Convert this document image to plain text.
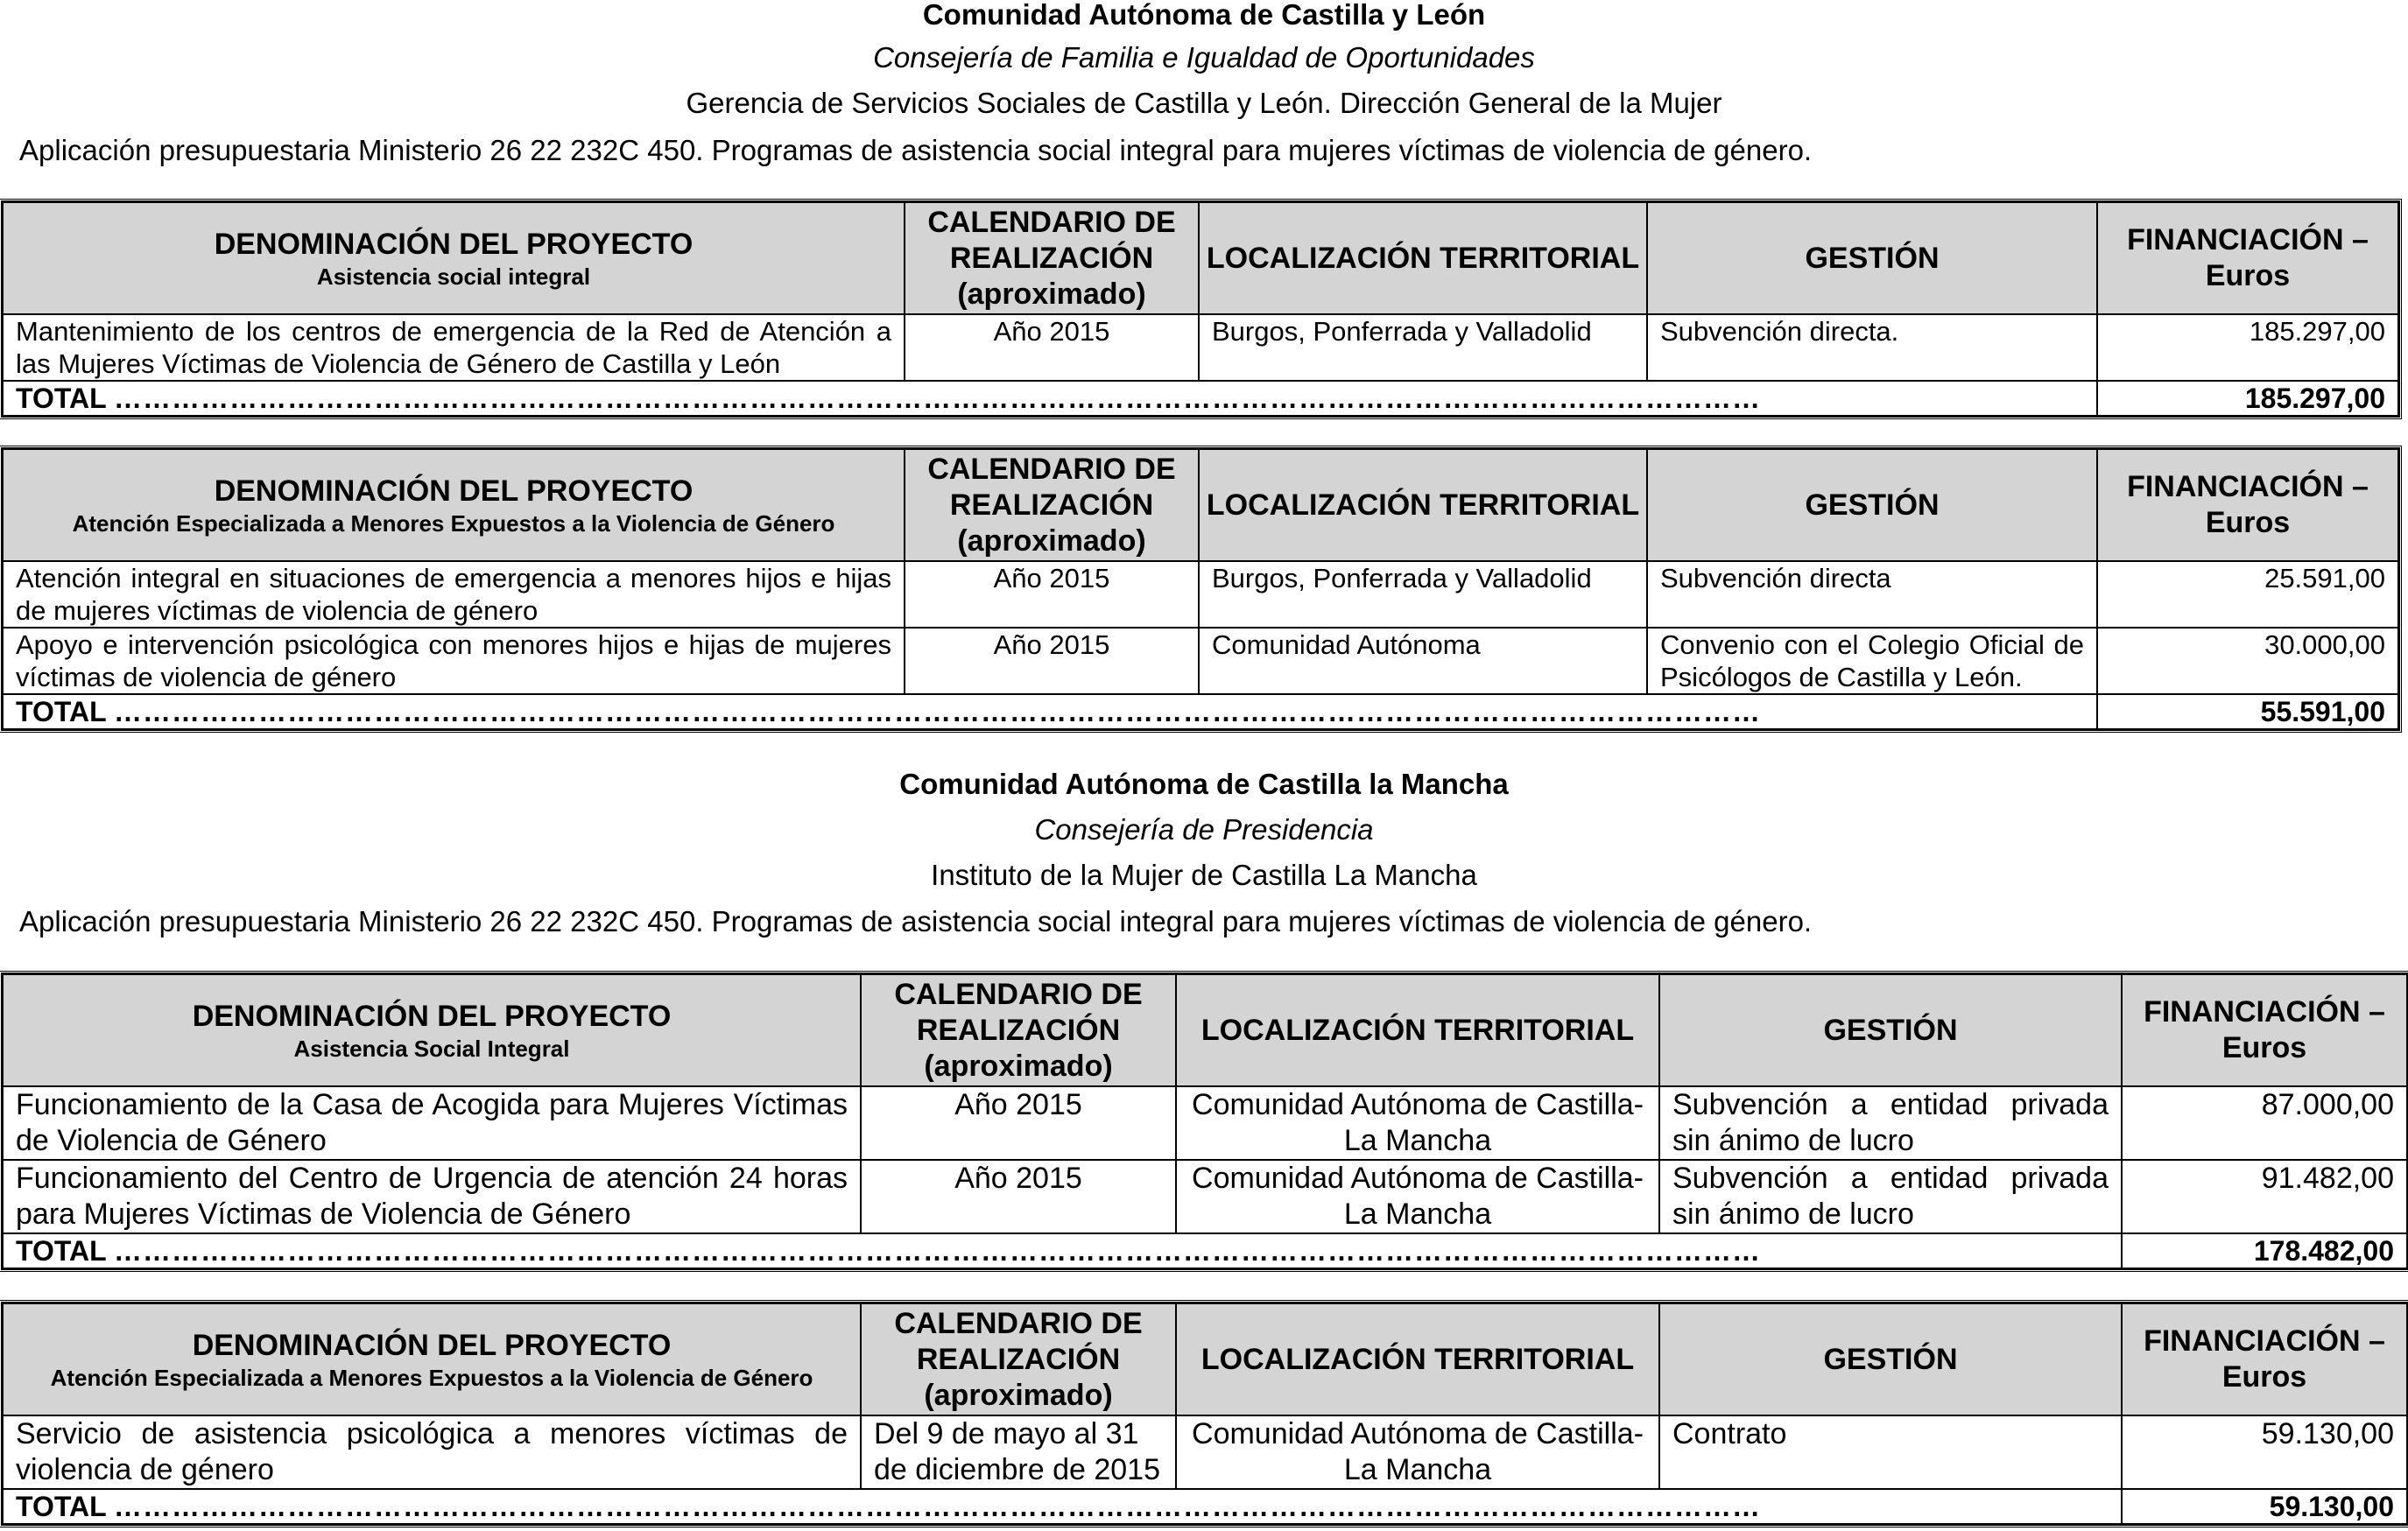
Comunidad Autónoma de Castilla y León
Consejería de Familia e Igualdad de Oportunidades
Gerencia de Servicios Sociales de Castilla y León. Dirección General de la Mujer
Aplicación presupuestaria Ministerio 26 22 232C 450. Programas de asistencia social integral para mujeres víctimas de violencia de género.
DENOMINACIÓN DEL PROYECTO
Asistencia social integral	CALENDARIO DE REALIZACIÓN (aproximado)	LOCALIZACIÓN TERRITORIAL	GESTIÓN	FINANCIACIÓN – Euros
Mantenimiento de los centros de emergencia de la Red de Atención a las Mujeres Víctimas de Violencia de Género de Castilla y León	Año 2015	Burgos, Ponferrada y Valladolid	Subvención directa.	185.297,00
TOTAL ………………………………………………………………………………………………………………………………………………………				185.297,00
DENOMINACIÓN DEL PROYECTO
Atención Especializada a Menores Expuestos a la Violencia de Género	CALENDARIO DE REALIZACIÓN (aproximado)	LOCALIZACIÓN TERRITORIAL	GESTIÓN	FINANCIACIÓN – Euros
Atención integral en situaciones de emergencia a menores hijos e hijas de mujeres víctimas de violencia de género	Año 2015	Burgos, Ponferrada y Valladolid	Subvención directa	25.591,00
Apoyo e intervención psicológica con menores hijos e hijas de mujeres víctimas de violencia de género	Año 2015	Comunidad Autónoma	Convenio con el Colegio Oficial de Psicólogos de Castilla y León.	30.000,00
TOTAL ………………………………………………………………………………………………………………………………………………………				55.591,00
Comunidad Autónoma de Castilla la Mancha
Consejería de Presidencia
Instituto de la Mujer de Castilla La Mancha
Aplicación presupuestaria Ministerio 26 22 232C 450. Programas de asistencia social integral para mujeres víctimas de violencia de género.
DENOMINACIÓN DEL PROYECTO
Asistencia Social Integral	CALENDARIO DE REALIZACIÓN (aproximado)	LOCALIZACIÓN TERRITORIAL	GESTIÓN	FINANCIACIÓN – Euros
Funcionamiento de la Casa de Acogida para Mujeres Víctimas de Violencia de Género	Año 2015	Comunidad Autónoma de Castilla-La Mancha	Subvención a entidad privada sin ánimo de lucro	87.000,00
Funcionamiento del Centro de Urgencia de atención 24 horas para Mujeres Víctimas de Violencia de Género	Año 2015	Comunidad Autónoma de Castilla-La Mancha	Subvención a entidad privada sin ánimo de lucro	91.482,00
TOTAL ………………………………………………………………………………………………………………………………………………………				178.482,00
DENOMINACIÓN DEL PROYECTO
Atención Especializada a Menores Expuestos a la Violencia de Género	CALENDARIO DE REALIZACIÓN (aproximado)	LOCALIZACIÓN TERRITORIAL	GESTIÓN	FINANCIACIÓN – Euros
Servicio de asistencia psicológica a menores víctimas de violencia de género	Del 9 de mayo al 31 de diciembre de 2015	Comunidad Autónoma de Castilla-La Mancha	Contrato	59.130,00
TOTAL ………………………………………………………………………………………………………………………………………………………				59.130,00
